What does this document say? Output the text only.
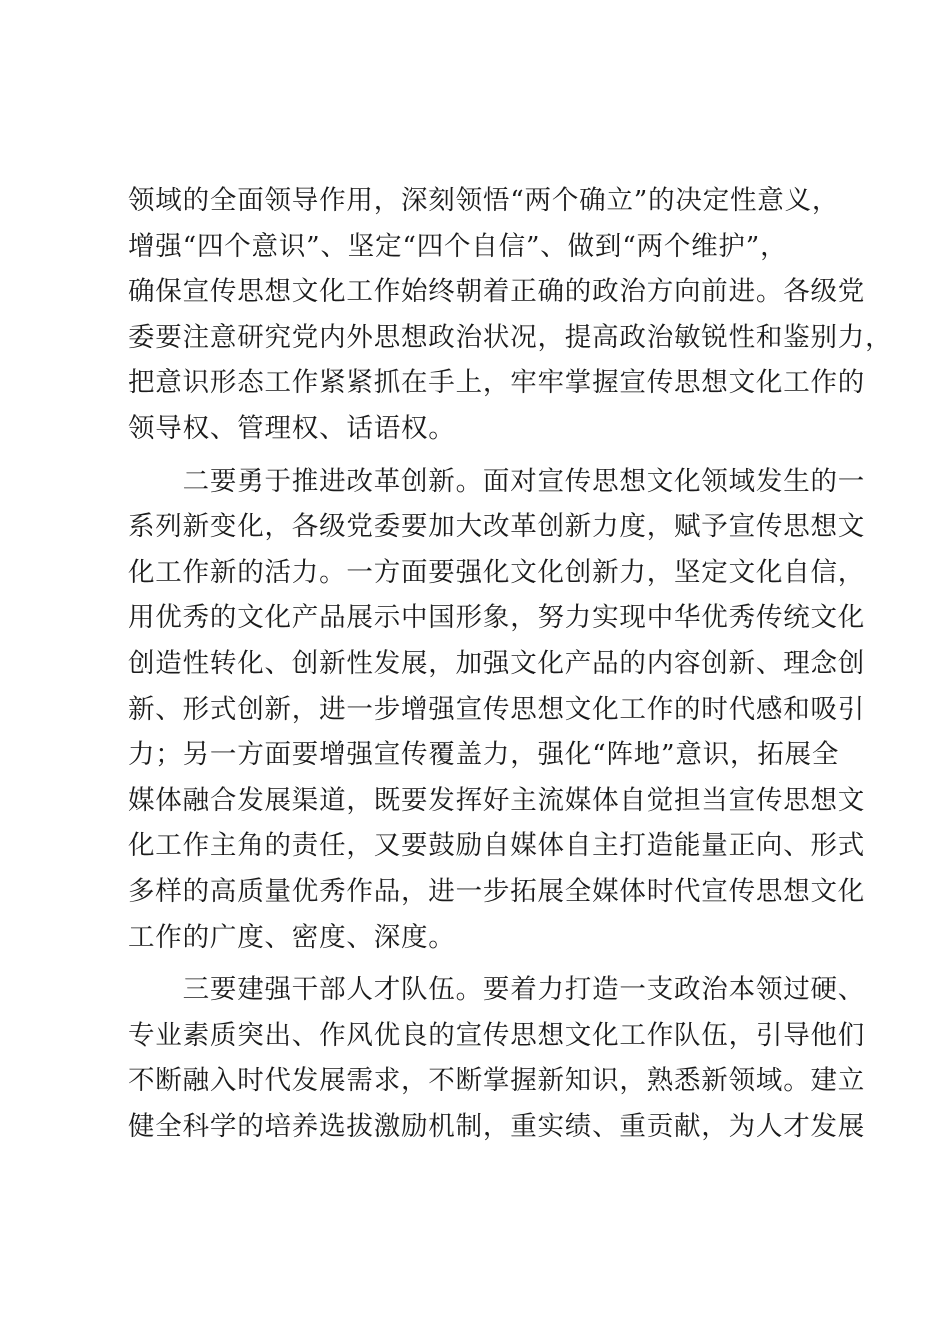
领域的全面领导作用，深刻领悟“两个确立”的决定性意义，
增强“四个意识”、坚定“四个自信”、做到“两个维护”，
确保宣传思想文化工作始终朝着正确的政治方向前进。各级党
委要注意研究党内外思想政治状况，提高政治敏锐性和鉴别力，
把意识形态工作紧紧抓在手上，牢牢掌握宣传思想文化工作的
领导权、管理权、话语权。
　　二要勇于推进改革创新。面对宣传思想文化领域发生的一
系列新变化，各级党委要加大改革创新力度，赋予宣传思想文
化工作新的活力。一方面要强化文化创新力，坚定文化自信，
用优秀的文化产品展示中国形象，努力实现中华优秀传统文化
创造性转化、创新性发展，加强文化产品的内容创新、理念创
新、形式创新，进一步增强宣传思想文化工作的时代感和吸引
力；另一方面要增强宣传覆盖力，强化“阵地”意识，拓展全
媒体融合发展渠道，既要发挥好主流媒体自觉担当宣传思想文
化工作主角的责任，又要鼓励自媒体自主打造能量正向、形式
多样的高质量优秀作品，进一步拓展全媒体时代宣传思想文化
工作的广度、密度、深度。
　　三要建强干部人才队伍。要着力打造一支政治本领过硬、
专业素质突出、作风优良的宣传思想文化工作队伍，引导他们
不断融入时代发展需求，不断掌握新知识，熟悉新领域。建立
健全科学的培养选拔激励机制，重实绩、重贡献，为人才发展
